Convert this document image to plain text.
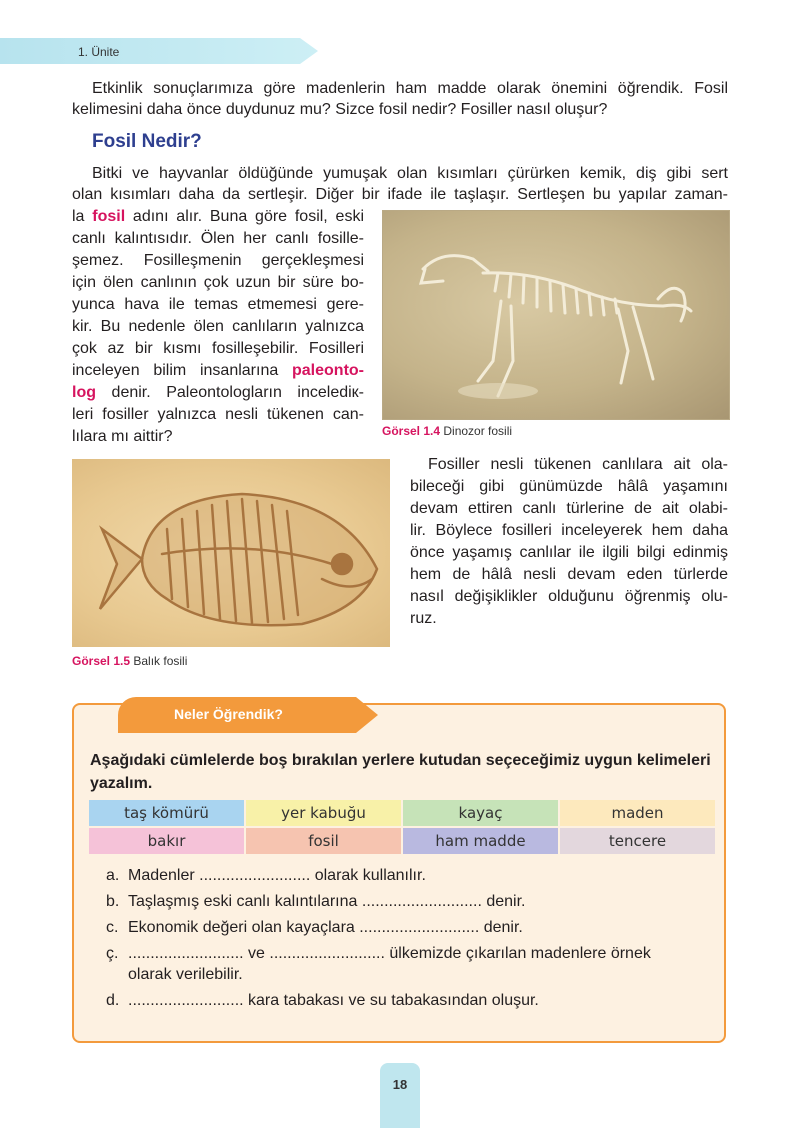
1. Ünite

Etkinlik sonuçlarımıza göre madenlerin ham madde olarak önemini öğrendik. Fosil

kelimesini daha önce duydunuz mu? Sizce fosil nedir? Fosiller nasıl oluşur?

Fosil Nedir?

Bitki ve hayvanlar öldüğünde yumuşak olan kısımları çürürken kemik, diş gibi sert

olan kısımları daha da sertleşir. Diğer bir ifade ile taşlaşır. Sertleşen bu yapılar zaman-

la fosil adını alır. Buna göre fosil, eski

canlı kalıntısıdır. Ölen her canlı fosille-

şemez. Fosilleşmenin gerçekleşmesi

için ölen canlının çok uzun bir süre bo-

yunca hava ile temas etmemesi gere-

kir. Bu nedenle ölen canlıların yalnızca

çok az bir kısmı fosilleşebilir. Fosilleri

inceleyen bilim insanlarına paleonto-

log denir. Paleontologların incelediк-

leri fosiller yalnızca nesli tükenen can-

lılara mı aittir?	Görsel 1.4 Dinozor fosili

Fosiller nesli tükenen canlılara ait ola-

bileceği gibi günümüzde hâlâ yaşamını

devam ettiren canlı türlerine de ait olabi-

lir. Böylece fosilleri inceleyerek hem daha

önce yaşamış canlılar ile ilgili bilgi edinmiş

hem de hâlâ nesli devam eden türlerde

nasıl değişiklikler olduğunu öğrenmiş olu-

ruz.

Görsel 1.5 Balık fosili
Neler Öğrendik?

Aşağıdaki cümlelerde boş bırakılan yerlere kutudan seçeceğimiz uygun kelimeleri yazalım.

taş kömürü	yer kabuğu	kayaç	maden
bakır	fosil	ham madde	tencere

a. Madenler ......................... olarak kullanılır.

b. Taşlaşmış eski canlı kalıntılarına ........................... denir.

c. Ekonomik değeri olan kayaçlara ........................... denir.

ç. .......................... ve .......................... ülkemizde çıkarılan madenlere örnek

olarak verilebilir.

d. .......................... kara tabakası ve su tabakasından oluşur.

18
